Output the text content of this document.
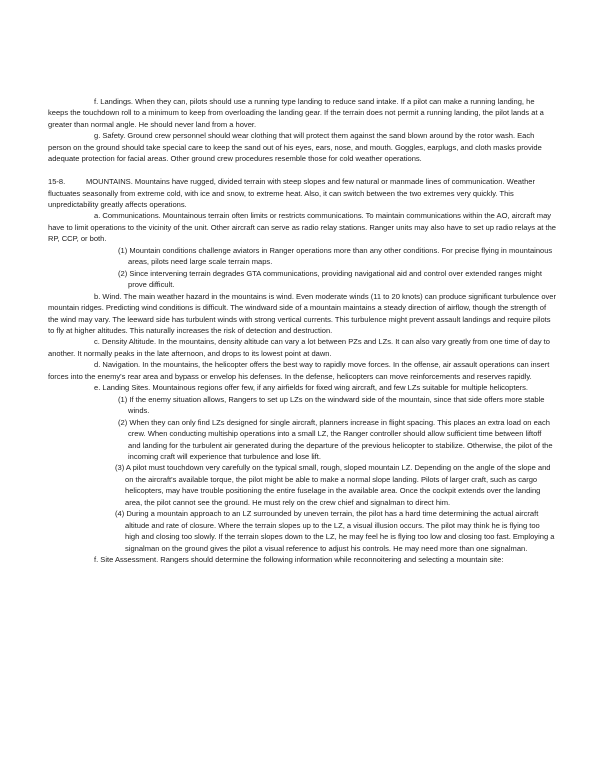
f. Landings. When they can, pilots should use a running type landing to reduce sand intake. If a pilot can make a running landing, he keeps the touchdown roll to a minimum to keep from overloading the landing gear. If the terrain does not permit a running landing, the pilot lands at a greater than normal angle. He should never land from a hover.

g. Safety. Ground crew personnel should wear clothing that will protect them against the sand blown around by the rotor wash. Each person on the ground should take special care to keep the sand out of his eyes, ears, nose, and mouth. Goggles, earplugs, and cloth masks provide adequate protection for facial areas. Other ground crew procedures resemble those for cold weather operations.

15-8.	MOUNTAINS. Mountains have rugged, divided terrain with steep slopes and few natural or manmade lines of communication. Weather fluctuates seasonally from extreme cold, with ice and snow, to extreme heat. Also, it can switch between the two extremes very quickly. This unpredictability greatly affects operations.

a. Communications. Mountainous terrain often limits or restricts communications. To maintain communications within the AO, aircraft may have to limit operations to the vicinity of the unit. Other aircraft can serve as radio relay stations. Ranger units may also have to set up radio relays at the RP, CCP, or both.

(1) Mountain conditions challenge aviators in Ranger operations more than any other conditions. For precise flying in mountainous areas, pilots need large scale terrain maps.

(2) Since intervening terrain degrades GTA communications, providing navigational aid and control over extended ranges might prove difficult.

b. Wind. The main weather hazard in the mountains is wind. Even moderate winds (11 to 20 knots) can produce significant turbulence over mountain ridges. Predicting wind conditions is difficult. The windward side of a mountain maintains a steady direction of airflow, though the strength of the wind may vary. The leeward side has turbulent winds with strong vertical currents. This turbulence might prevent assault landings and require pilots to fly at higher altitudes. This naturally increases the risk of detection and destruction.

c. Density Altitude. In the mountains, density altitude can vary a lot between PZs and LZs. It can also vary greatly from one time of day to another. It normally peaks in the late afternoon, and drops to its lowest point at dawn.

d. Navigation. In the mountains, the helicopter offers the best way to rapidly move forces. In the offense, air assault operations can insert forces into the enemy's rear area and bypass or envelop his defenses. In the defense, helicopters can move reinforcements and reserves rapidly.

e. Landing Sites. Mountainous regions offer few, if any airfields for fixed wing aircraft, and few LZs suitable for multiple helicopters.

(1) If the enemy situation allows, Rangers to set up LZs on the windward side of the mountain, since that side offers more stable winds.

(2) When they can only find LZs designed for single aircraft, planners increase in flight spacing. This places an extra load on each crew. When conducting multiship operations into a small LZ, the Ranger controller should allow sufficient time between liftoff and landing for the turbulent air generated during the departure of the previous helicopter to stabilize. Otherwise, the pilot of the incoming craft will experience that turbulence and lose lift.

(3) A pilot must touchdown very carefully on the typical small, rough, sloped mountain LZ. Depending on the angle of the slope and on the aircraft's available torque, the pilot might be able to make a normal slope landing. Pilots of larger craft, such as cargo helicopters, may have trouble positioning the entire fuselage in the available area. Once the cockpit extends over the landing area, the pilot cannot see the ground. He must rely on the crew chief and signalman to direct him.

(4) During a mountain approach to an LZ surrounded by uneven terrain, the pilot has a hard time determining the actual aircraft altitude and rate of closure. Where the terrain slopes up to the LZ, a visual illusion occurs. The pilot may think he is flying too high and closing too slowly. If the terrain slopes down to the LZ, he may feel he is flying too low and closing too fast. Employing a signalman on the ground gives the pilot a visual reference to adjust his controls. He may need more than one signalman.

f. Site Assessment. Rangers should determine the following information while reconnoitering and selecting a mountain site:
